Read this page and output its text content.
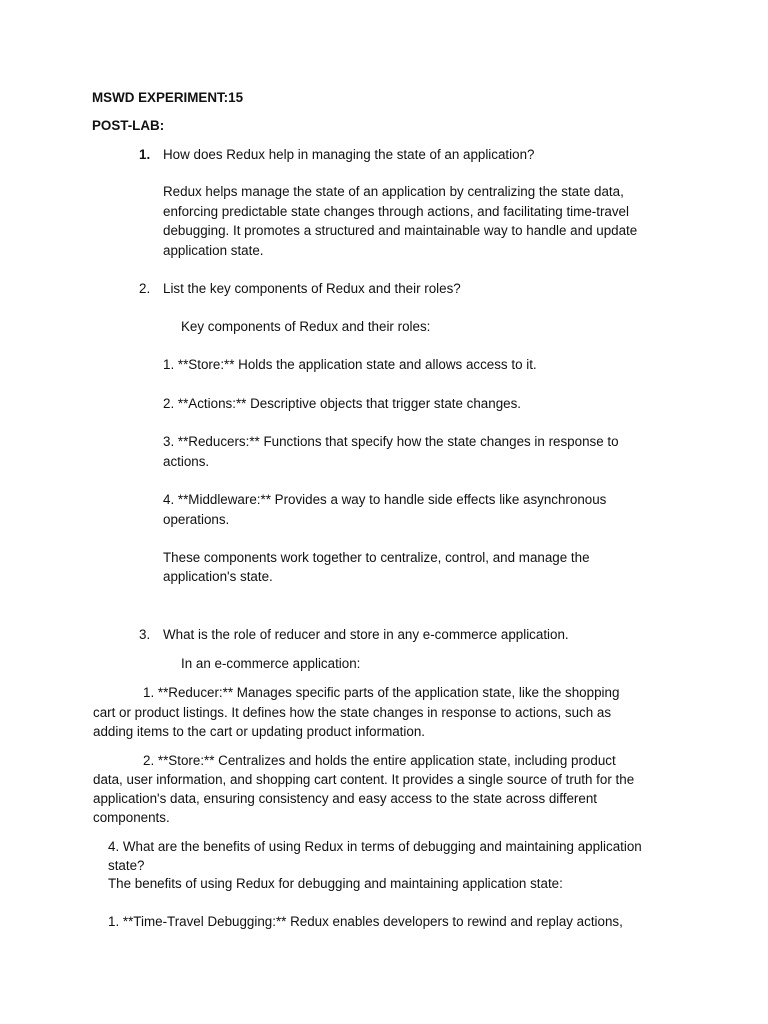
MSWD EXPERIMENT:15

POST-LAB:

1. How does Redux help in managing the state of an application?

Redux helps manage the state of an application by centralizing the state data,

enforcing predictable state changes through actions, and facilitating time-travel

debugging. It promotes a structured and maintainable way to handle and update

application state.

2. List the key components of Redux and their roles?

Key components of Redux and their roles:

1. **Store:** Holds the application state and allows access to it.

2. **Actions:** Descriptive objects that trigger state changes.

3. **Reducers:** Functions that specify how the state changes in response to

actions.

4. **Middleware:** Provides a way to handle side effects like asynchronous

operations.

These components work together to centralize, control, and manage the

application's state.

3. What is the role of reducer and store in any e-commerce application.

In an e-commerce application:

1. **Reducer:** Manages specific parts of the application state, like the shopping

cart or product listings. It defines how the state changes in response to actions, such as

adding items to the cart or updating product information.

2. **Store:** Centralizes and holds the entire application state, including product

data, user information, and shopping cart content. It provides a single source of truth for the

application's data, ensuring consistency and easy access to the state across different

components.

4. What are the benefits of using Redux in terms of debugging and maintaining application

state?

The benefits of using Redux for debugging and maintaining application state:

1. **Time-Travel Debugging:** Redux enables developers to rewind and replay actions,
